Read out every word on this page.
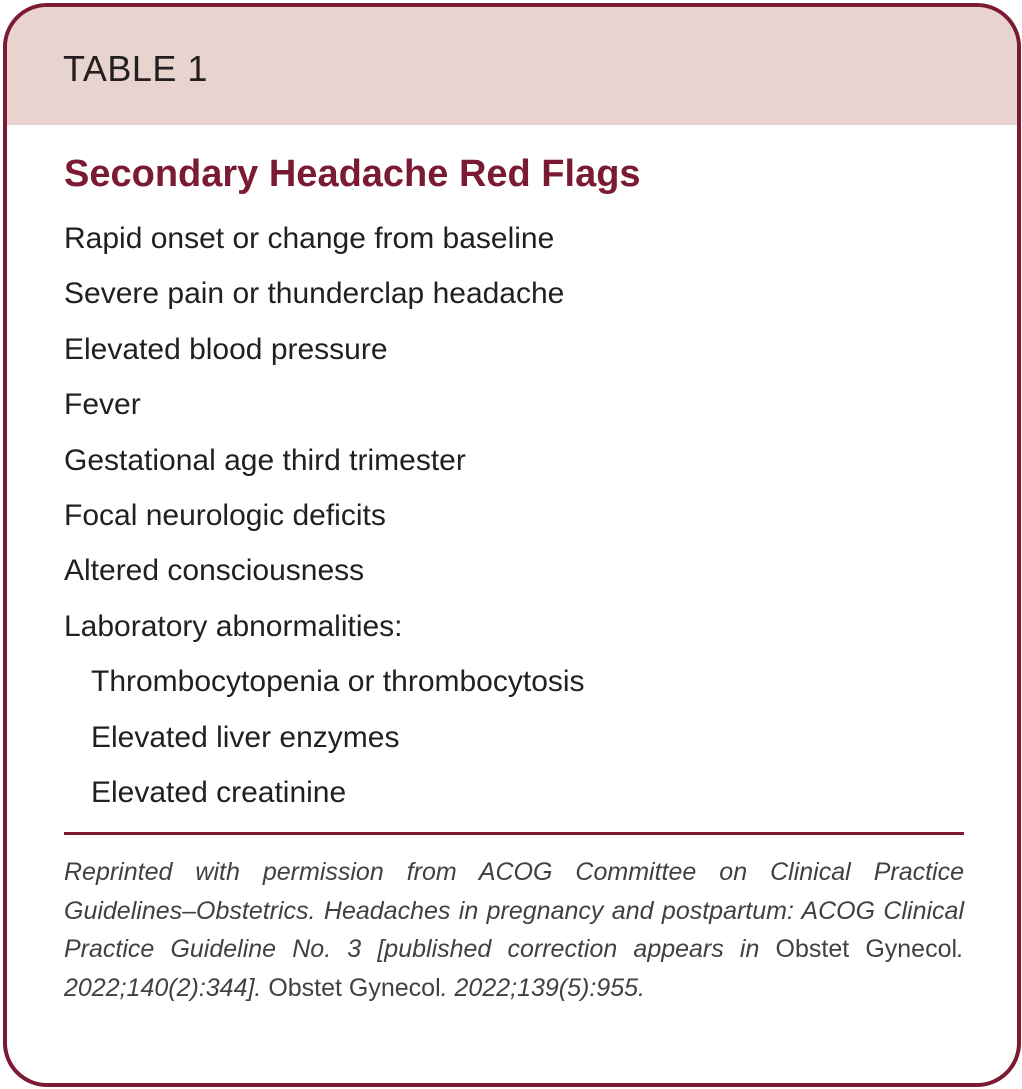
TABLE 1
Secondary Headache Red Flags
Rapid onset or change from baseline
Severe pain or thunderclap headache
Elevated blood pressure
Fever
Gestational age third trimester
Focal neurologic deficits
Altered consciousness
Laboratory abnormalities:
Thrombocytopenia or thrombocytosis
Elevated liver enzymes
Elevated creatinine

Reprinted with permission from ACOG Committee on Clinical Practice Guidelines–Obstetrics. Headaches in pregnancy and postpartum: ACOG Clinical Practice Guideline No. 3 [published correction appears in Obstet Gynecol. 2022;140(2):344]. Obstet Gynecol. 2022;139(5):955.
